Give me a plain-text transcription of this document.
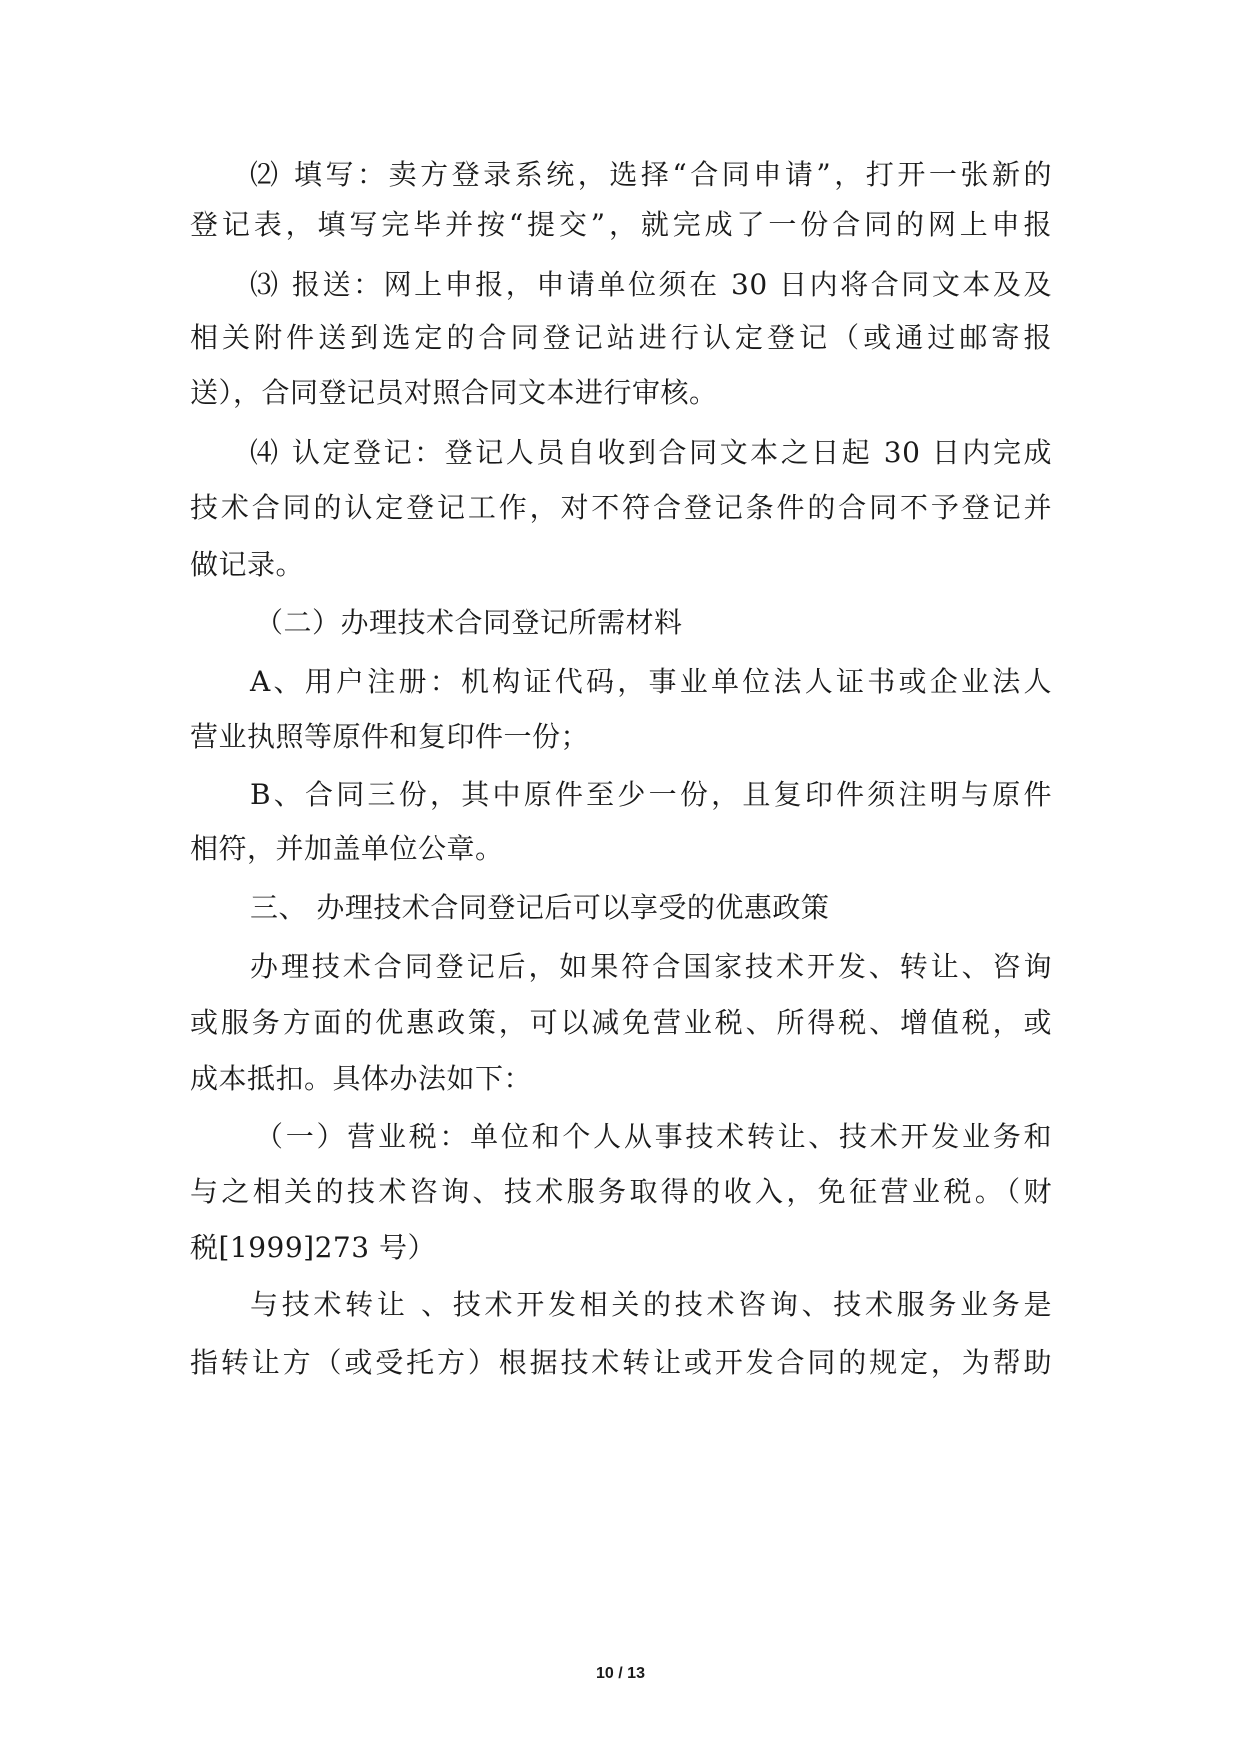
⑵ 填写：卖方登录系统，选择“合同申请”，打开一张新的
登记表，填写完毕并按“提交”，就完成了一份合同的网上申报
⑶ 报送：网上申报，申请单位须在 30 日内将合同文本及及
相关附件送到选定的合同登记站进行认定登记（或通过邮寄报
送），合同登记员对照合同文本进行审核。
⑷ 认定登记：登记人员自收到合同文本之日起 30 日内完成
技术合同的认定登记工作，对不符合登记条件的合同不予登记并
做记录。
（二）办理技术合同登记所需材料
A、用户注册：机构证代码，事业单位法人证书或企业法人
营业执照等原件和复印件一份；
B、合同三份，其中原件至少一份，且复印件须注明与原件
相符，并加盖单位公章。
三、 办理技术合同登记后可以享受的优惠政策
办理技术合同登记后，如果符合国家技术开发、转让、咨询
或服务方面的优惠政策，可以减免营业税、所得税、增值税，或
成本抵扣。具体办法如下：
（一）营业税：单位和个人从事技术转让、技术开发业务和
与之相关的技术咨询、技术服务取得的收入，免征营业税。（财
税[1999]273 号）
与技术转让 、技术开发相关的技术咨询、技术服务业务是
指转让方（或受托方）根据技术转让或开发合同的规定，为帮助
10 / 13
